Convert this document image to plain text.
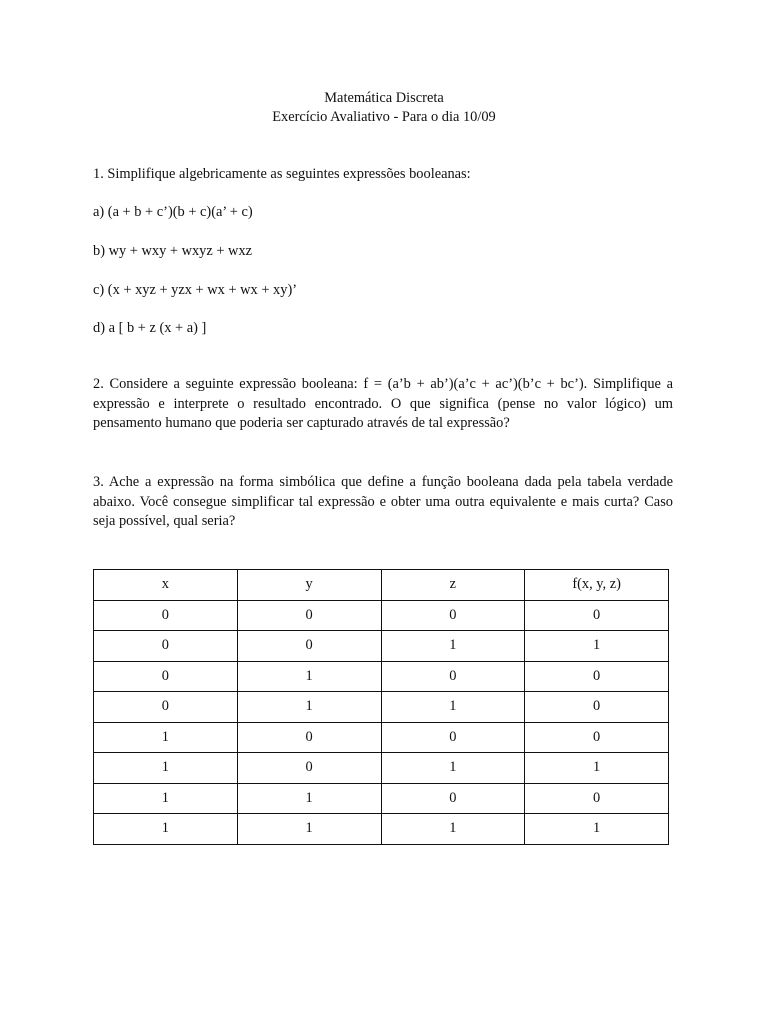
Matemática Discreta
Exercício Avaliativo - Para o dia 10/09
1. Simplifique algebricamente as seguintes expressões booleanas:
a) (a + b + c’)(b + c)(a’ + c)
b) wy + wxy + wxyz + wxz
c) (x + xyz + yzx + wx + wx + xy)’
d) a [ b + z (x + a) ]
2. Considere a seguinte expressão booleana: f = (a’b + ab’)(a’c + ac’)(b’c + bc’). Simplifique a expressão e interprete o resultado encontrado. O que significa (pense no valor lógico) um pensamento humano que poderia ser capturado através de tal expressão?
3. Ache a expressão na forma simbólica que define a função booleana dada pela tabela verdade abaixo. Você consegue simplificar tal expressão e obter uma outra equivalente e mais curta? Caso seja possível, qual seria?
x	y	z	f(x, y, z)
0	0	0	0
0	0	1	1
0	1	0	0
0	1	1	0
1	0	0	0
1	0	1	1
1	1	0	0
1	1	1	1
